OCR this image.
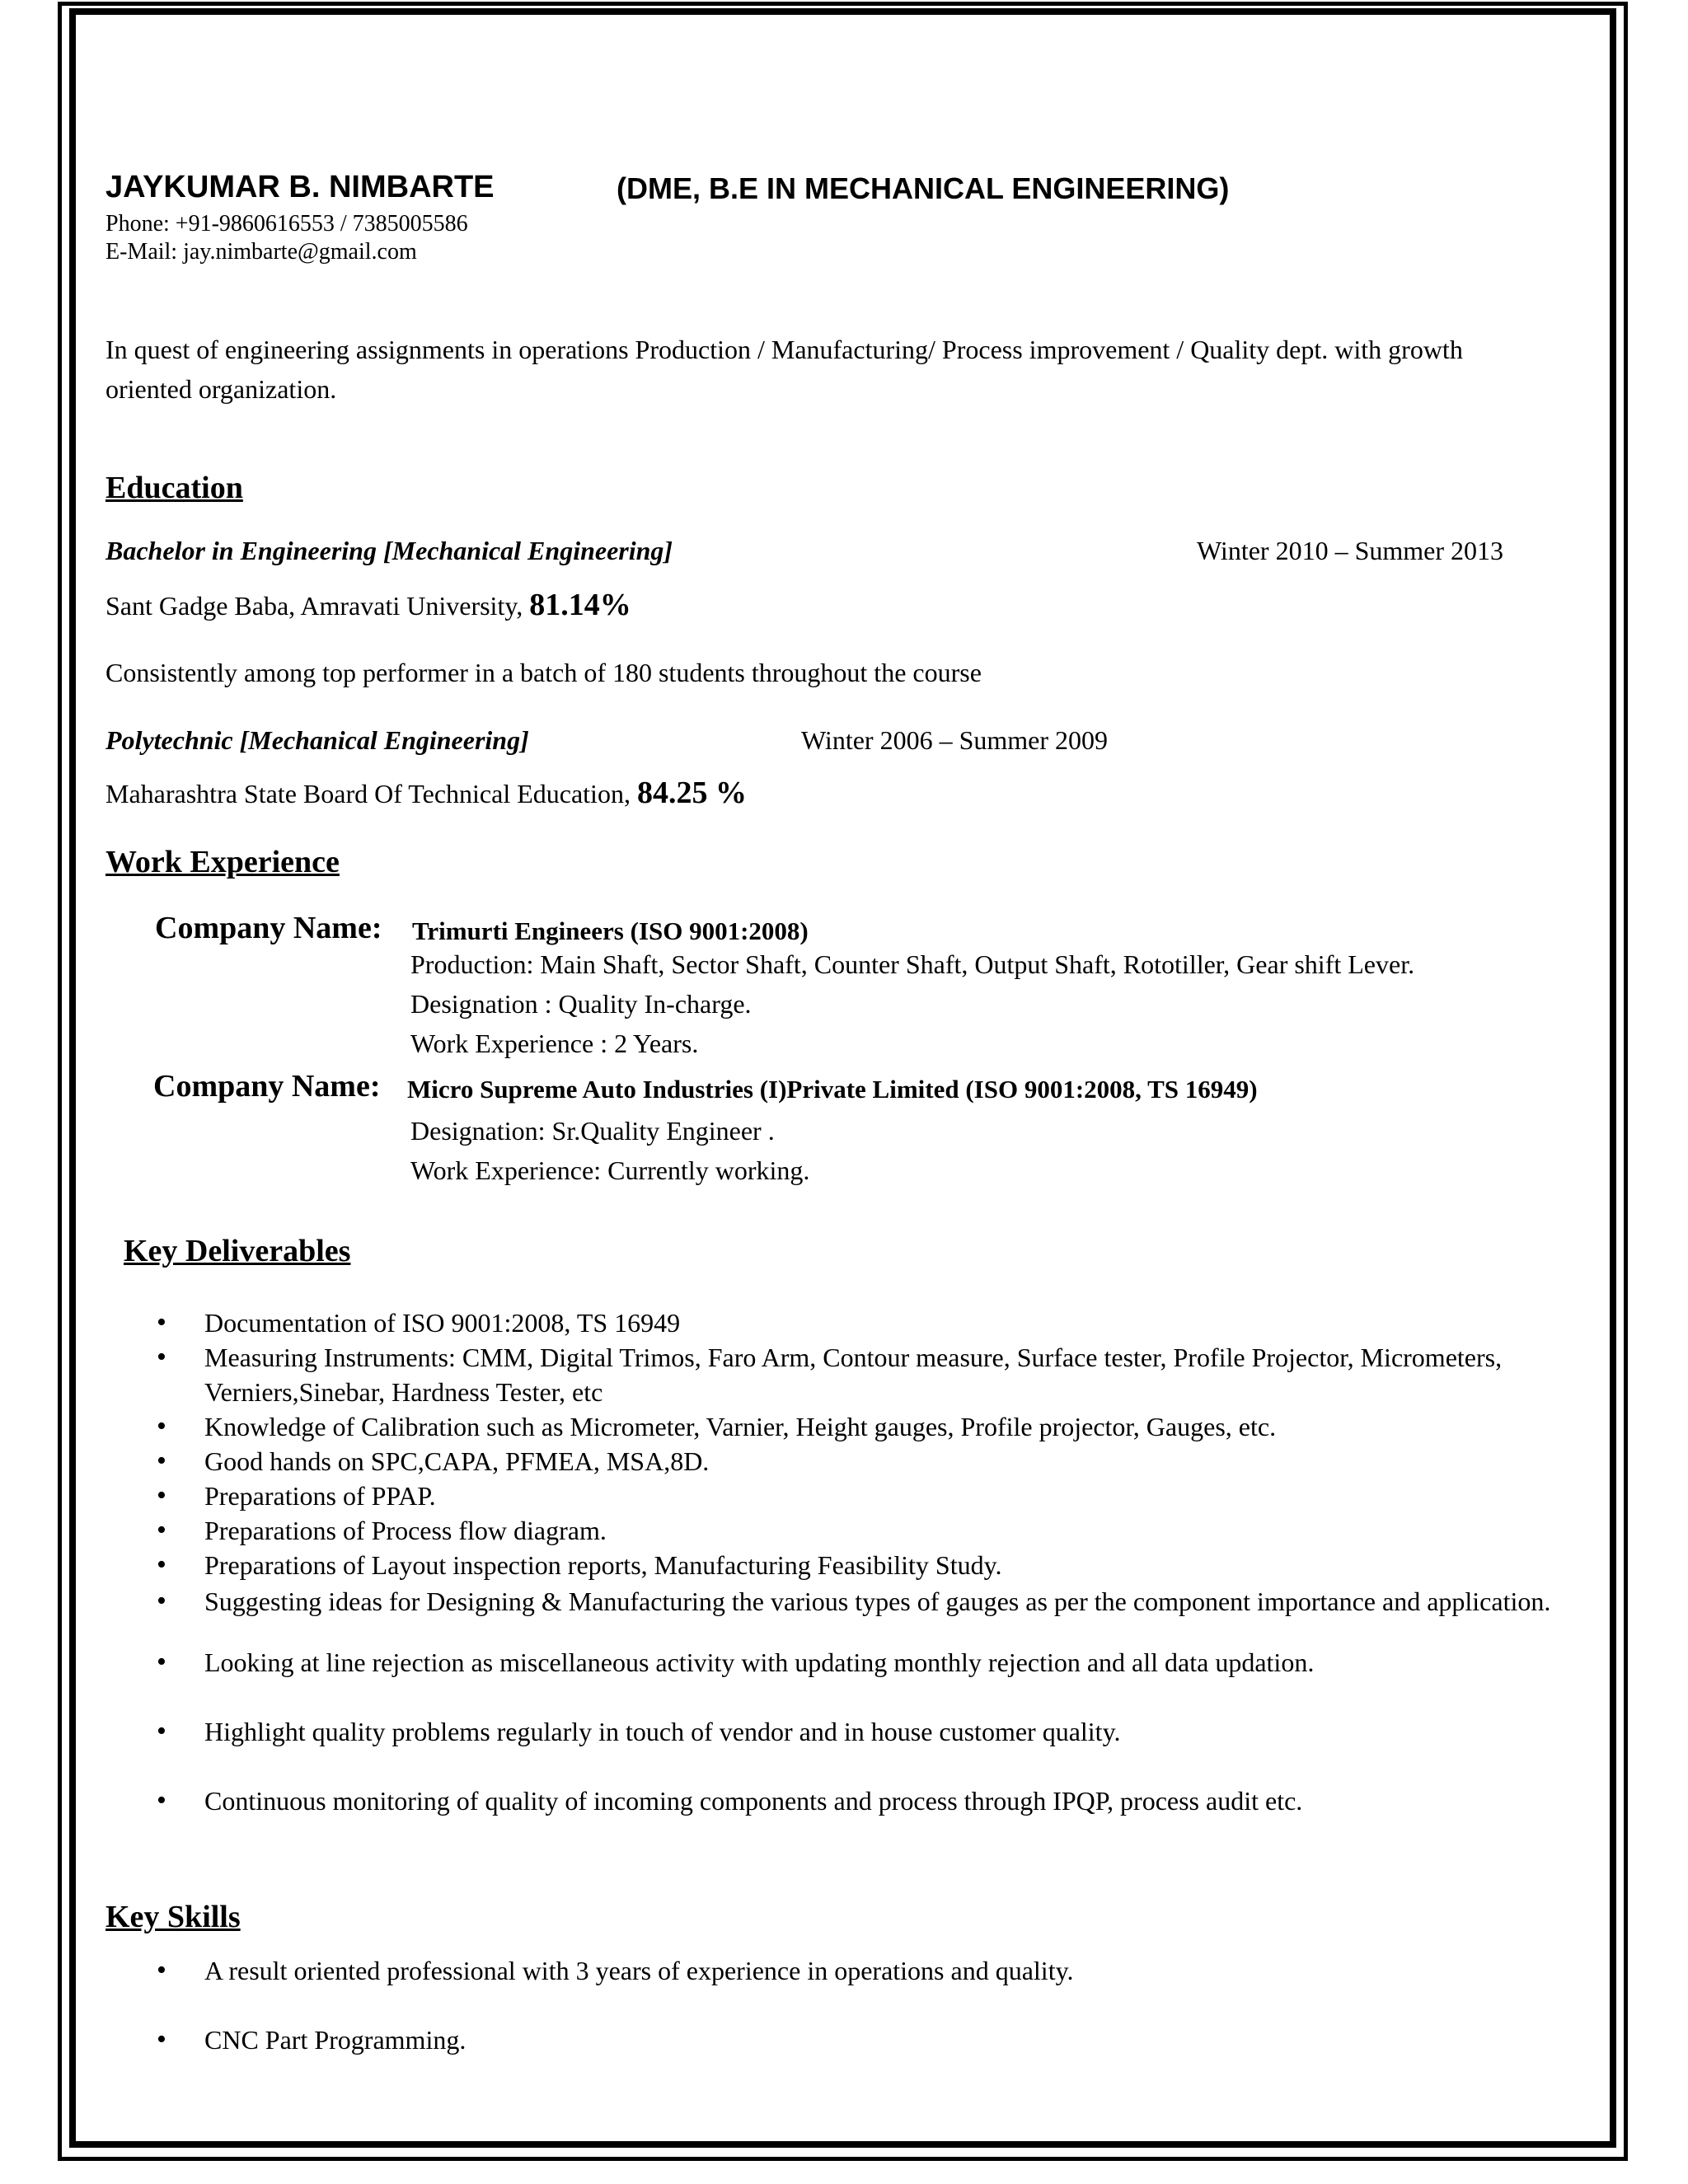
JAYKUMAR B. NIMBARTE	(DME, B.E IN MECHANICAL ENGINEERING)
Phone: +91-9860616553 / 7385005586
E-Mail: jay.nimbarte@gmail.com
In quest of engineering assignments in operations Production / Manufacturing/ Process improvement / Quality dept. with growth
oriented organization.
Education
Bachelor in Engineering [Mechanical Engineering]	Winter 2010 – Summer 2013
Sant Gadge Baba, Amravati University, 81.14%
Consistently among top performer in a batch of 180 students throughout the course
Polytechnic [Mechanical Engineering]	Winter 2006 – Summer 2009
Maharashtra State Board Of Technical Education, 84.25 %
Work Experience
Company Name: Trimurti Engineers (ISO 9001:2008)
Production: Main Shaft, Sector Shaft, Counter Shaft, Output Shaft, Rototiller, Gear shift Lever.
Designation : Quality In-charge.
Work Experience : 2 Years.
Company Name: Micro Supreme Auto Industries (I)Private Limited (ISO 9001:2008, TS 16949)
Designation: Sr.Quality Engineer .
Work Experience: Currently working.
Key Deliverables
• Documentation of ISO 9001:2008, TS 16949
• Measuring Instruments: CMM, Digital Trimos, Faro Arm, Contour measure, Surface tester, Profile Projector, Micrometers, Verniers,Sinebar, Hardness Tester, etc
• Knowledge of Calibration such as Micrometer, Varnier, Height gauges, Profile projector, Gauges, etc.
• Good hands on SPC,CAPA, PFMEA, MSA,8D.
• Preparations of PPAP.
• Preparations of Process flow diagram.
• Preparations of Layout inspection reports, Manufacturing Feasibility Study.
• Suggesting ideas for Designing & Manufacturing the various types of gauges as per the component importance and application.
• Looking at line rejection as miscellaneous activity with updating monthly rejection and all data updation.
• Highlight quality problems regularly in touch of vendor and in house customer quality.
• Continuous monitoring of quality of incoming components and process through IPQP, process audit etc.
Key Skills
• A result oriented professional with 3 years of experience in operations and quality.
• CNC Part Programming.
